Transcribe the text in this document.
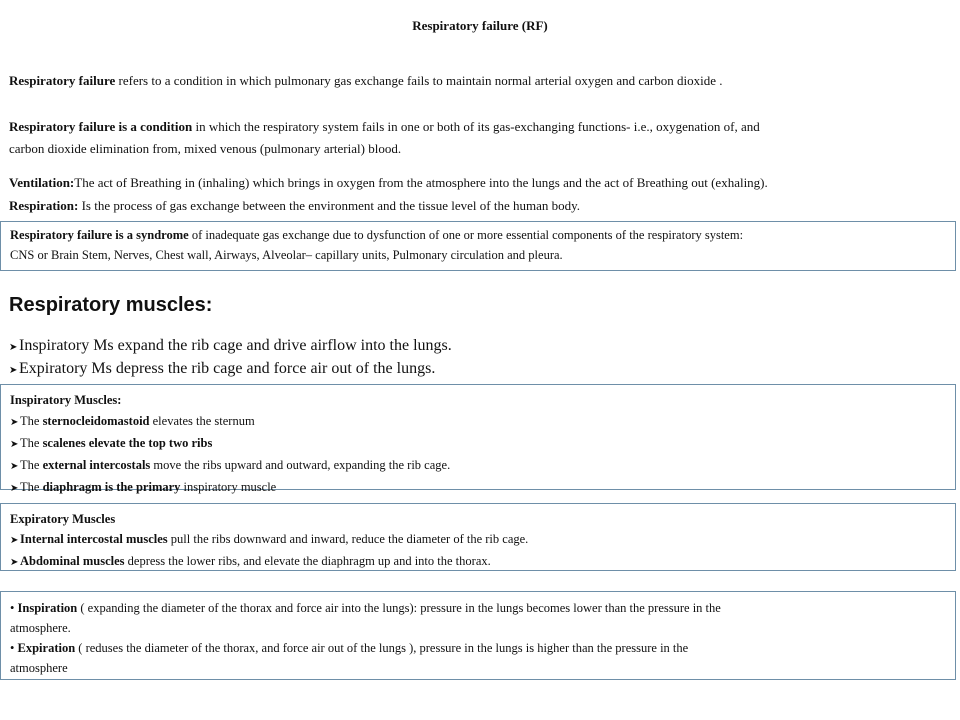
Respiratory failure (RF)
Respiratory failure refers to a condition in which pulmonary gas exchange fails to maintain normal arterial oxygen and carbon dioxide .
Respiratory failure is a condition in which the respiratory system fails in one or both of its gas-exchanging functions- i.e., oxygenation of, and
carbon dioxide elimination from, mixed venous (pulmonary arterial) blood.
Ventilation:The act of Breathing in (inhaling) which brings in oxygen from the atmosphere into the lungs and the act of Breathing out (exhaling).
Respiration: Is the process of gas exchange between the environment and the tissue level of the human body.
Respiratory failure is a syndrome of inadequate gas exchange due to dysfunction of one or more essential components of the respiratory system:
CNS or Brain Stem, Nerves, Chest wall, Airways, Alveolar– capillary units, Pulmonary circulation and pleura.
Respiratory muscles:
➤ Inspiratory Ms expand the rib cage and drive airflow into the lungs.
➤ Expiratory Ms depress the rib cage and force air out of the lungs.
Inspiratory Muscles:
➤ The sternocleidomastoid elevates the sternum
➤ The scalenes elevate the top two ribs
➤ The external intercostals move the ribs upward and outward, expanding the rib cage.
➤ The diaphragm is the primary inspiratory muscle
Expiratory Muscles
➤ Internal intercostal muscles pull the ribs downward and inward, reduce the diameter of the rib cage.
➤ Abdominal muscles depress the lower ribs, and elevate the diaphragm up and into the thorax.
• Inspiration ( expanding the diameter of the thorax and force air into the lungs): pressure in the lungs becomes lower than the pressure in the
atmosphere.
• Expiration ( reduses the diameter of the thorax, and force air out of the lungs ), pressure in the lungs is higher than the pressure in the
atmosphere
